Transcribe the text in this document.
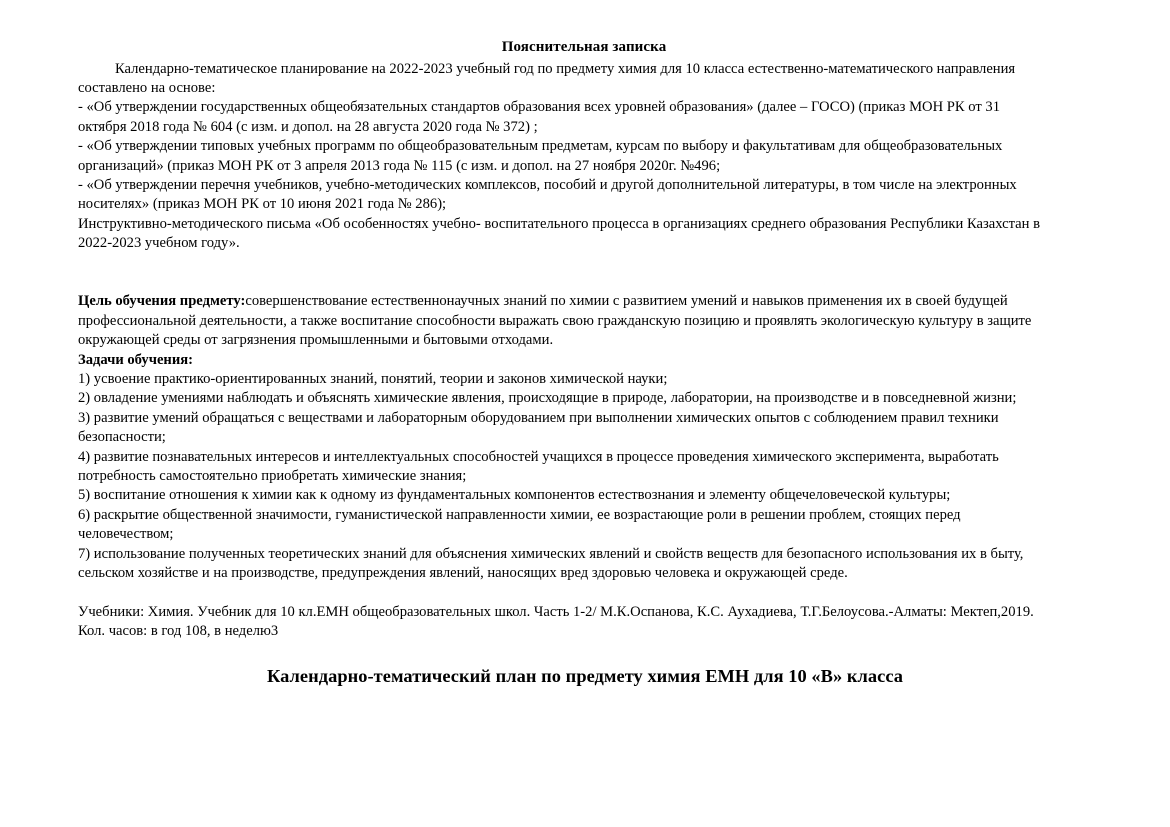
Пояснительная записка

Календарно-тематическое планирование на 2022-2023 учебный год по предмету химия для 10 класса естественно-математического направления

составлено на основе:

- «Об утверждении государственных общеобязательных стандартов образования всех уровней образования» (далее – ГОСО) (приказ МОН РК от 31

октября 2018 года № 604 (с изм. и допол. на 28 августа 2020 года № 372) ;

- «Об утверждении типовых учебных программ по общеобразовательным предметам, курсам по выбору и факультативам для общеобразовательных

организаций» (приказ МОН РК от 3 апреля 2013 года № 115 (с изм. и допол. на 27 ноября 2020г. №496;

- «Об утверждении перечня учебников, учебно-методических комплексов, пособий и другой дополнительной литературы, в том числе на электронных

носителях» (приказ МОН РК от 10 июня 2021 года № 286);

Инструктивно-методического письма «Об особенностях учебно- воспитательного процесса в организациях среднего образования Республики Казахстан в

2022-2023 учебном году».

Цель обучения предмету:совершенствование естественнонаучных знаний по химии с развитием умений и навыков применения их в своей будущей

профессиональной деятельности, а также воспитание способности выражать свою гражданскую позицию и проявлять экологическую культуру в защите

окружающей среды от загрязнения промышленными и бытовыми отходами.

Задачи обучения:

1) усвоение практико-ориентированных знаний, понятий, теории и законов химической науки;

2) овладение умениями наблюдать и объяснять химические явления, происходящие в природе, лаборатории, на производстве и в повседневной жизни;

3) развитие умений обращаться с веществами и лабораторным оборудованием при выполнении химических опытов с соблюдением правил техники

безопасности;

4) развитие познавательных интересов и интеллектуальных способностей учащихся в процессе проведения химического эксперимента, выработать

потребность самостоятельно приобретать химические знания;

5) воспитание отношения к химии как к одному из фундаментальных компонентов естествознания и элементу общечеловеческой культуры;

6) раскрытие общественной значимости, гуманистической направленности химии, ее возрастающие роли в решении проблем, стоящих перед

человечеством;

7) использование полученных теоретических знаний для объяснения химических явлений и свойств веществ для безопасного использования их в быту,

сельском хозяйстве и на производстве, предупреждения явлений, наносящих вред здоровью человека и окружающей среде.

Учебники: Химия. Учебник для 10 кл.ЕМН общеобразовательных школ. Часть 1-2/ М.К.Оспанова, К.С. Аухадиева, Т.Г.Белоусова.-Алматы: Мектеп,2019.

Кол. часов: в год 108, в неделю3

Календарно-тематический план по предмету химия ЕМН для 10 «В» класса
